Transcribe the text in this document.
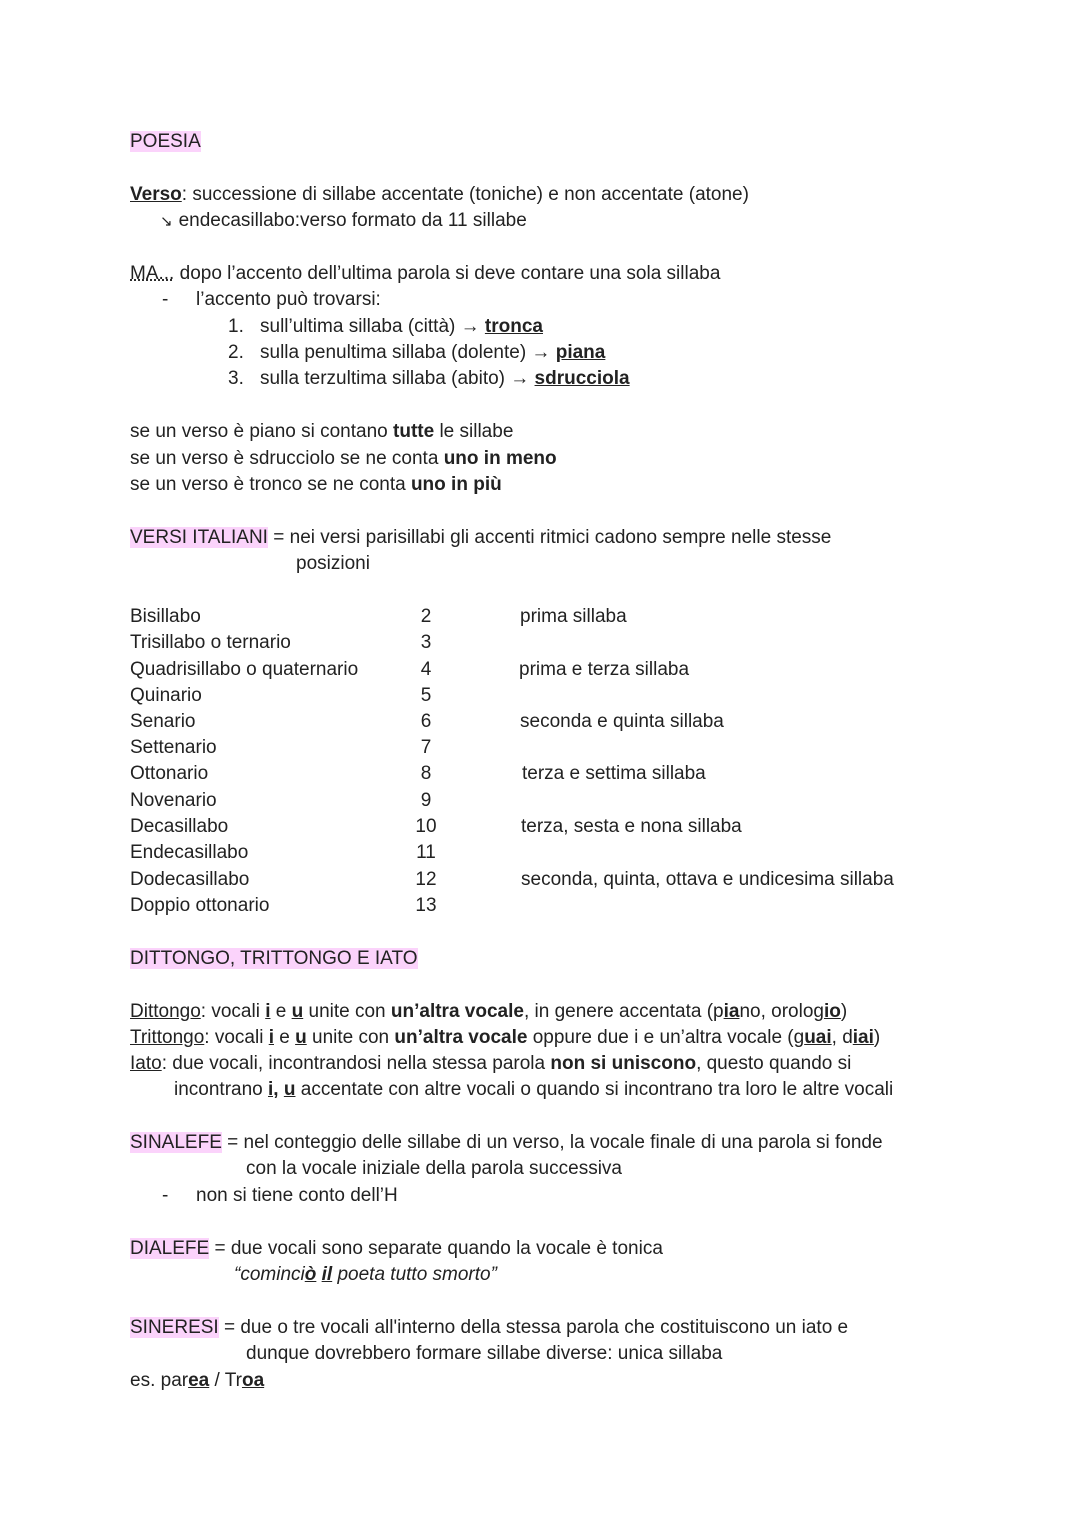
POESIA
Verso: successione di sillabe accentate (toniche) e non accentate (atone)
↘ endecasillabo:verso formato da 11 sillabe
MA... dopo l’accento dell’ultima parola si deve contare una sola sillaba
- l’accento può trovarsi:
1. sull’ultima sillaba (città) → tronca
2. sulla penultima sillaba (dolente) → piana
3. sulla terzultima sillaba (abito) → sdrucciola
se un verso è piano si contano tutte le sillabe
se un verso è sdrucciolo se ne conta uno in meno
se un verso è tronco se ne conta uno in più
VERSI ITALIANI = nei versi parisillabi gli accenti ritmici cadono sempre nelle stesse
posizioni
Bisillabo	2	prima sillaba
Trisillabo o ternario	3
Quadrisillabo o quaternario	4	prima e terza sillaba
Quinario	5
Senario	6	seconda e quinta sillaba
Settenario	7
Ottonario	8	terza e settima sillaba
Novenario	9
Decasillabo	10	terza, sesta e nona sillaba
Endecasillabo	11
Dodecasillabo	12	seconda, quinta, ottava e undicesima sillaba
Doppio ottonario	13
DITTONGO, TRITTONGO E IATO
Dittongo: vocali i e u unite con un’altra vocale, in genere accentata (piano, orologio)
Trittongo: vocali i e u unite con un’altra vocale oppure due i e un’altra vocale (guai, diai)
Iato: due vocali, incontrandosi nella stessa parola non si uniscono, questo quando si
incontrano i, u accentate con altre vocali o quando si incontrano tra loro le altre vocali
SINALEFE = nel conteggio delle sillabe di un verso, la vocale finale di una parola si fonde
con la vocale iniziale della parola successiva
- non si tiene conto dell’H
DIALEFE = due vocali sono separate quando la vocale è tonica
“cominciò il poeta tutto smorto”
SINERESI = due o tre vocali all'interno della stessa parola che costituiscono un iato e
dunque dovrebbero formare sillabe diverse: unica sillaba
es. parea / Troa
